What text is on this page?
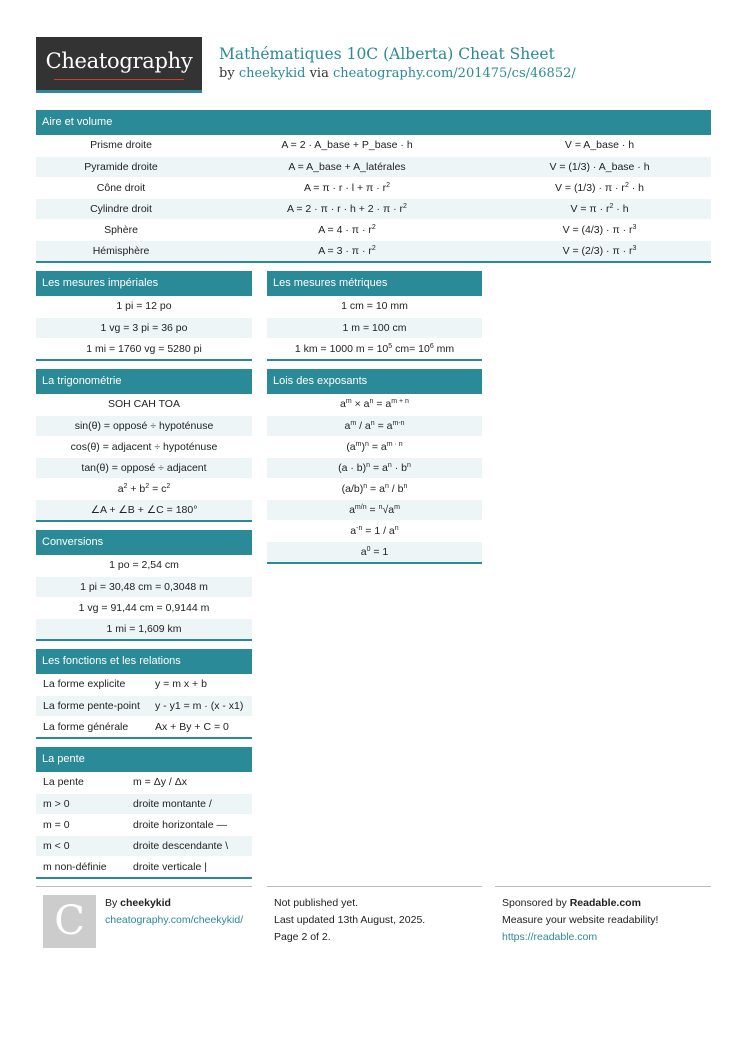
Cheatography	Mathématiques 10C (Alberta) Cheat Sheet
by cheekykid via cheatography.com/201475/cs/46852/
Aire et volume
Prisme droite	A = 2 · A_base + P_base · h	V = A_base · h
Pyramide droite	A = A_base + A_latérales	V = (1/3) · A_base · h
Cône droit	$A = \pi \cdot r \cdot l + \pi \cdot r^2$	$V = (1/3) \cdot \pi \cdot r^2 \cdot h$
Cylindre droit	$A = 2 \cdot \pi \cdot r \cdot h + 2 \cdot \pi \cdot r^2$	$V = \pi \cdot r^2 \cdot h$
Sphère	$A = 4 \cdot \pi \cdot r^2$	$V = (4/3) \cdot \pi \cdot r^3$
Hémisphère	$A = 3 \cdot \pi \cdot r^2$	$V = (2/3) \cdot \pi \cdot r^3$
Les mesures impériales
1 pi = 12 po
1 vg = 3 pi = 36 po
1 mi = 1760 vg = 5280 pi
Les mesures métriques
1 cm = 10 mm
1 m = 100 cm
1 km = 1000 $m = 10^5$ $cm= 10^6$ mm
La trigonométrie
SOH CAH TOA
sin(θ) = opposé ÷ hypoténuse
cos(θ) = adjacent ÷ hypoténuse
tan(θ) = opposé ÷ adjacent
$a^2 + b^2 = c^2$
∠A + ∠B + ∠C = 180°
Lois des exposants
$a^m \times a^n = a^{m + n}$
$a^m / a^n = a^{m-n}$
$(a^m)^n = a^{m \cdot n}$
$(a \cdot b)^n = a^n \cdot b^n$
$(a/b)^n = a^n / b^n$
$a^{m/n} = ^n√a^m$
$a^{-n} = 1 / a^n$
$a^0 = 1$
Conversions
1 po = 2,54 cm
1 pi = 30,48 cm = 0,3048 m
1 vg = 91,44 cm = 0,9144 m
1 mi = 1,609 km
Les fonctions et les relations
La forme explicite	y = m x + b
La forme pente-point	y - y1 = m · (x - x1)
La forme générale	Ax + By + C = 0
La pente
La pente	m = Δy / Δx
m > 0	droite montante /
m = 0	droite horizontale —
m < 0	droite descendante \
m non-définie	droite verticale |
C	By cheekykid
cheatography.com/cheekykid/
Not published yet.
Last updated 13th August, 2025.
Page 2 of 2.
Sponsored by Readable.com
Measure your website readability!
https://readable.com
